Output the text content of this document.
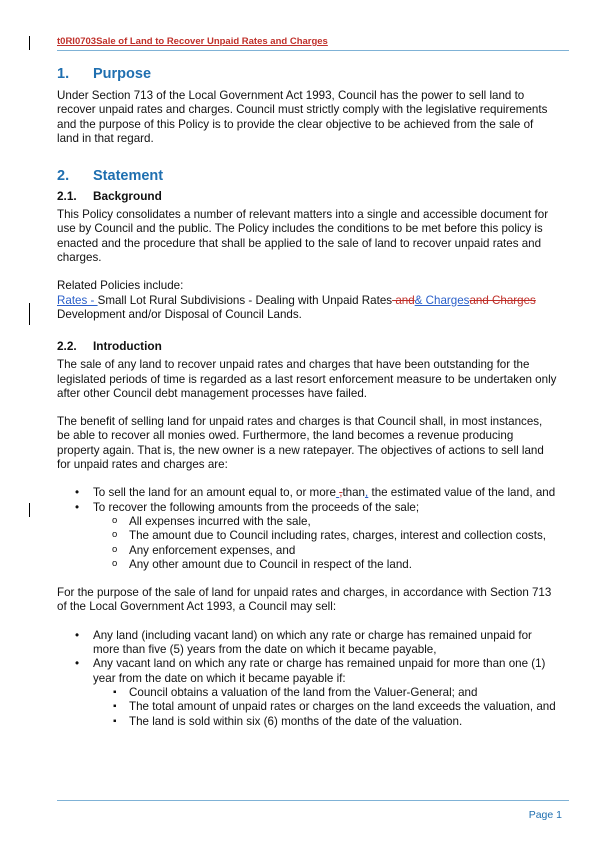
t0RI0703Sale of Land to Recover Unpaid Rates and Charges
1. Purpose

Under Section 713 of the Local Government Act 1993, Council has the power to sell land to recover unpaid rates and charges. Council must strictly comply with the legislative requirements and the purpose of this Policy is to provide the clear objective to be achieved from the sale of land in that regard.

2. Statement
2.1. Background

This Policy consolidates a number of relevant matters into a single and accessible document for use by Council and the public. The Policy includes the conditions to be met before this policy is enacted and the procedure that shall be applied to the sale of land to recover unpaid rates and charges.

Related Policies include:

Rates - Small Lot Rural Subdivisions - Dealing with Unpaid Rates and& Chargesand Charges

Development and/or Disposal of Council Lands.

2.2. Introduction

The sale of any land to recover unpaid rates and charges that have been outstanding for the legislated periods of time is regarded as a last resort enforcement measure to be undertaken only after other Council debt management processes have failed.

The benefit of selling land for unpaid rates and charges is that Council shall, in most instances, be able to recover all monies owed. Furthermore, the land becomes a revenue producing property again. That is, the new owner is a new ratepayer. The objectives of actions to sell land for unpaid rates and charges are:

• To sell the land for an amount equal to, or more ,than, the estimated value of the land, and
• To recover the following amounts from the proceeds of the sale;
o All expenses incurred with the sale,
o The amount due to Council including rates, charges, interest and collection costs,
o Any enforcement expenses, and
o Any other amount due to Council in respect of the land.

For the purpose of the sale of land for unpaid rates and charges, in accordance with Section 713 of the Local Government Act 1993, a Council may sell:

• Any land (including vacant land) on which any rate or charge has remained unpaid for more than five (5) years from the date on which it became payable,
• Any vacant land on which any rate or charge has remained unpaid for more than one (1) year from the date on which it became payable if:
▪ Council obtains a valuation of the land from the Valuer-General; and
▪ The total amount of unpaid rates or charges on the land exceeds the valuation, and
▪ The land is sold within six (6) months of the date of the valuation.
Page 1
